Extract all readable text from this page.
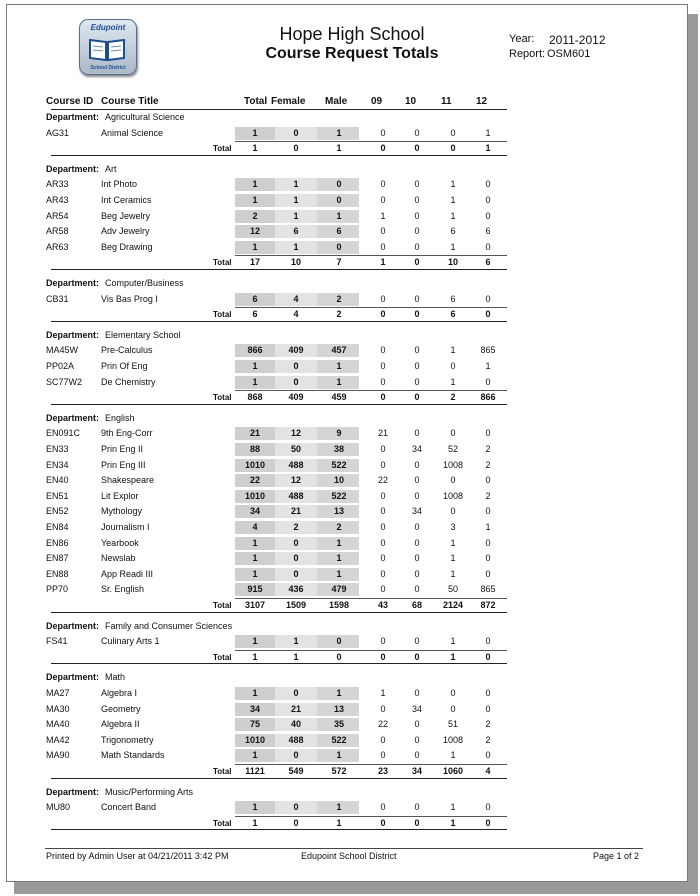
Edupoint
School District
Hope High School
Course Request Totals
Year: 2011-2012
Report: OSM601
Course ID Course Title	Total Female Male 09 10 11 12
Department: Agricultural Science
AG31	Animal Science	1	0	1	0	0	0	1
Total	1	0	1	0	0	0	1
Department: Art
AR33	Int Photo	1	1	0	0	0	1	0
AR43	Int Ceramics	1	1	0	0	0	1	0
AR54	Beg Jewelry	2	1	1	1	0	1	0
AR58	Adv Jewelry	12	6	6	0	0	6	6
AR63	Beg Drawing	1	1	0	0	0	1	0
Total	17	10	7	1	0	10	6
Department: Computer/Business
CB31	Vis Bas Prog I	6	4	2	0	0	6	0
Total	6	4	2	0	0	6	0
Department: Elementary School
MA45W	Pre-Calculus	866	409	457	0	0	1	865
PP02A	Prin Of Eng	1	0	1	0	0	0	1
SC77W2 De Chemistry	1	0	1	0	0	1	0
Total	868	409	459	0	0	2	866
Department: English
EN091C 9th Eng-Corr	21	12	9	21	0	0	0
EN33	Prin Eng II	88	50	38	0	34	52	2
EN34	Prin Eng III	1010	488	522	0	0	1008	2
EN40	Shakespeare	22	12	10	22	0	0	0
EN51	Lit Explor	1010	488	522	0	0	1008	2
EN52	Mythology	34	21	13	0	34	0	0
EN84	Journalism I	4	2	2	0	0	3	1
EN86	Yearbook	1	0	1	0	0	1	0
EN87	Newslab	1	0	1	0	0	1	0
EN88	App Readi III	1	0	1	0	0	1	0
PP70	Sr. English	915	436	479	0	0	50	865
Total 3107 1509	1598	43	68	2124	872
Department: Family and Consumer Sciences
FS41	Culinary Arts 1	1	1	0	0	0	1	0
Total	1	1	0	0	0	1	0
Department: Math
MA27	Algebra I	1	0	1	1	0	0	0
MA30	Geometry	34	21	13	0	34	0	0
MA40	Algebra II	75	40	35	22	0	51	2
MA42	Trigonometry	1010	488	522	0	0	1008	2
MA90	Math Standards	1	0	1	0	0	1	0
Total 1121	549	572	23	34	1060	4
Department: Music/Performing Arts
MU80	Concert Band	1	0	1	0	0	1	0
Total	1	0	1	0	0	1	0
Printed by Admin User at 04/21/2011 3:42 PM	Edupoint School District	Page 1 of 2
